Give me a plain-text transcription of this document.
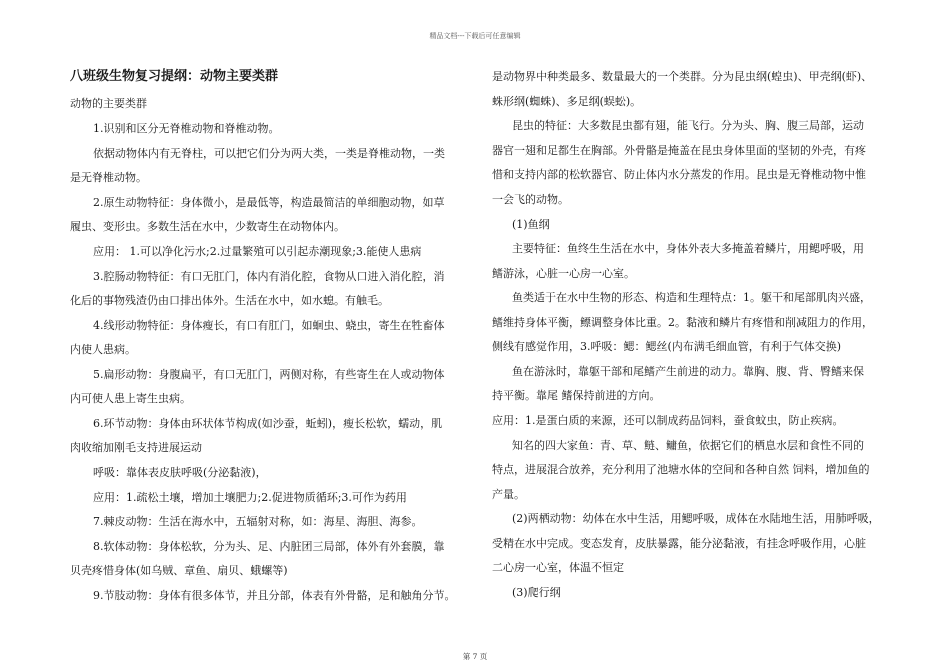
精品文档---下载后可任意编辑
八班级生物复习提纲：动物主要类群
动物的主要类群
1.识别和区分无脊椎动物和脊椎动物。
依据动物体内有无脊柱，可以把它们分为两大类，一类是脊椎动物，一类
是无脊椎动物。
2.原生动物特征：身体微小，是最低等，构造最简洁的单细胞动物，如草
履虫、变形虫。多数生活在水中，少数寄生在动物体内。
应用： 1.可以净化污水;2.过量繁殖可以引起赤潮现象;3.能使人患病
3.腔肠动物特征：有口无肛门，体内有消化腔，食物从口进入消化腔，消
化后的事物残渣仍由口排出体外。生活在水中，如水螅。有触毛。
4.线形动物特征：身体瘦长，有口有肛门，如蛔虫、蛲虫，寄生在牲畜体
内使人患病。
5.扁形动物：身腹扁平，有口无肛门，两侧对称，有些寄生在人或动物体
内可使人患上寄生虫病。
6.环节动物：身体由环状体节构成(如沙蚕，蚯蚓)，瘦长松软，蠕动，肌
肉收缩加刚毛支持进展运动
呼吸：靠体表皮肤呼吸(分泌黏液)，
应用：1.疏松土壤，增加土壤肥力;2.促进物质循环;3.可作为药用
7.棘皮动物：生活在海水中，五辐射对称，如：海星、海胆、海参。
8.软体动物：身体松软，分为头、足、内脏团三局部，体外有外套膜，靠
贝壳疼惜身体(如乌贼、章鱼、扇贝、蛾螺等)
9.节肢动物：身体有很多体节，并且分部，体表有外骨骼，足和触角分节。
是动物界中种类最多、数量最大的一个类群。分为昆虫纲(蝗虫)、甲壳纲(虾)、
蛛形纲(蜘蛛)、多足纲(蜈蚣)。
昆虫的特征：大多数昆虫都有翅，能飞行。分为头、胸、腹三局部，运动
器官一翅和足都生在胸部。外骨骼是掩盖在昆虫身体里面的坚韧的外壳，有疼
惜和支持内部的松软器官、防止体内水分蒸发的作用。昆虫是无脊椎动物中惟
一会飞的动物。
(1)鱼纲
主要特征：鱼终生生活在水中，身体外表大多掩盖着鳞片，用鳃呼吸，用
鳍游泳，心脏一心房一心室。
鱼类适于在水中生物的形态、构造和生理特点：1。躯干和尾部肌肉兴盛，
鳍维持身体平衡，鳔调整身体比重。2。黏液和鳞片有疼惜和削减阻力的作用，
侧线有感觉作用，3.呼吸：鳃：鳃丝(内布满毛细血管，有利于气体交换)
鱼在游泳时，靠躯干部和尾鳍产生前进的动力。靠胸、腹、背、臀鳍来保
持平衡。靠尾 鳍保持前进的方向。
应用：1.是蛋白质的来源，还可以制成药品饲料，蚕食蚊虫，防止疾病。
知名的四大家鱼：青、草、鲢、鳙鱼，依据它们的栖息水层和食性不同的
特点，进展混合放养，充分利用了池塘水体的空间和各种自然 饲料，增加鱼的
产量。
(2)两栖动物：幼体在水中生活，用鳃呼吸，成体在水陆地生活，用肺呼吸，
受精在水中完成。变态发育，皮肤暴露，能分泌黏液，有挂念呼吸作用，心脏
二心房一心室，体温不恒定
(3)爬行纲
第 7 页
